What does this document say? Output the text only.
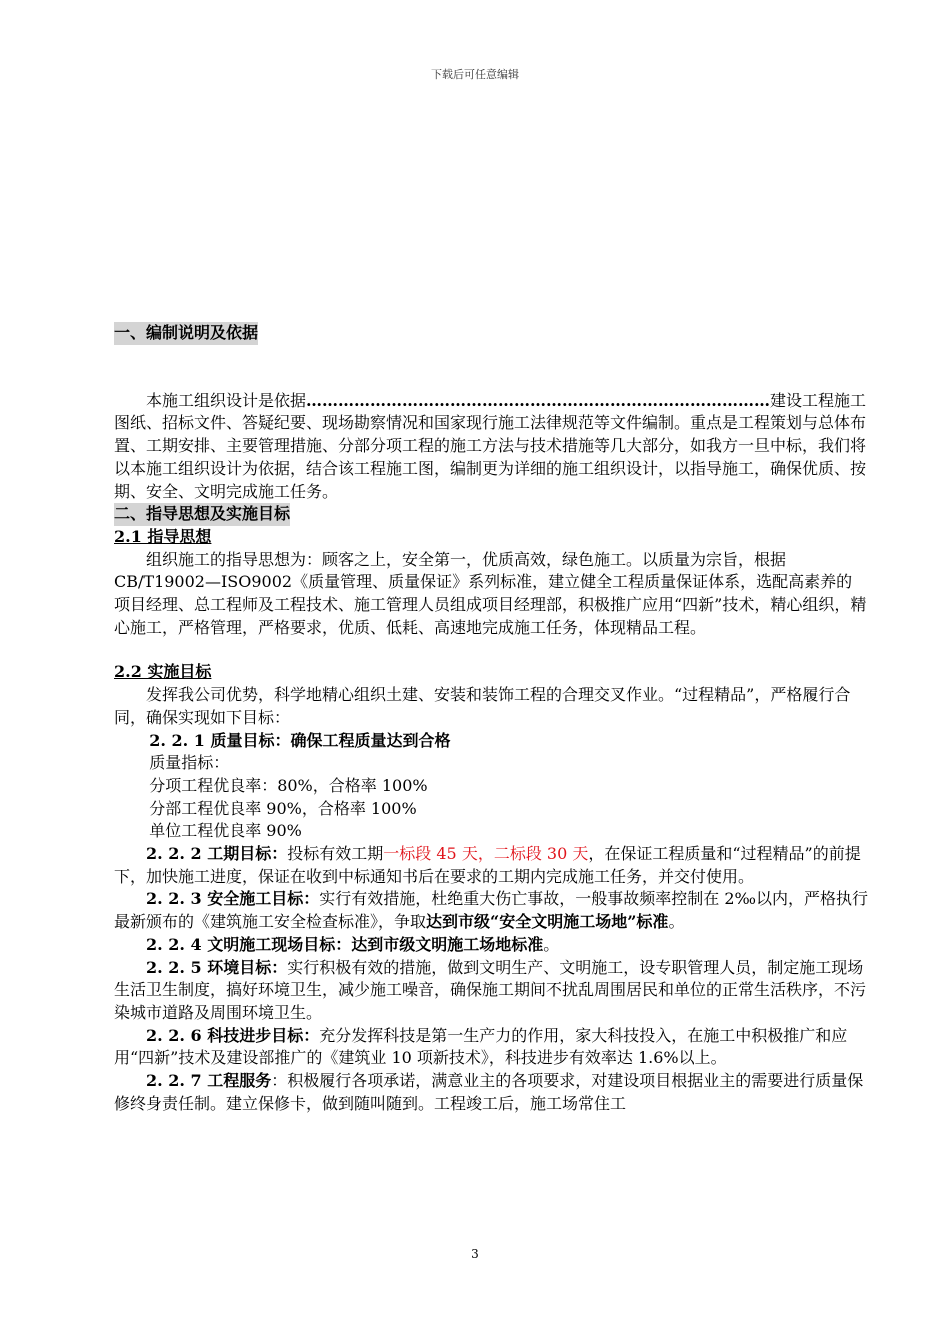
下载后可任意编辑
一、编制说明及依据

本施工组织设计是依据……………………………………………………………………………建设工程施工图纸、招标文件、答疑纪要、现场勘察情况和国家现行施工法律规范等文件编制。重点是工程策划与总体布置、工期安排、主要管理措施、分部分项工程的施工方法与技术措施等几大部分，如我方一旦中标，我们将以本施工组织设计为依据，结合该工程施工图，编制更为详细的施工组织设计，以指导施工，确保优质、按期、安全、文明完成施工任务。

二、指导思想及实施目标

2.1 指导思想

组织施工的指导思想为：顾客之上，安全第一，优质高效，绿色施工。以质量为宗旨，根据 CB/T19002—ISO9002《质量管理、质量保证》系列标准，建立健全工程质量保证体系，选配高素养的项目经理、总工程师及工程技术、施工管理人员组成项目经理部，积极推广应用“四新”技术，精心组织，精心施工，严格管理，严格要求，优质、低耗、高速地完成施工任务，体现精品工程。

2.2 实施目标

发挥我公司优势，科学地精心组织土建、安装和装饰工程的合理交叉作业。“过程精品”，严格履行合同，确保实现如下目标：

2. 2. 1 质量目标：确保工程质量达到合格

质量指标：

分项工程优良率：80%，合格率 100%

分部工程优良率 90%，合格率 100%

单位工程优良率 90%

2. 2. 2 工期目标：投标有效工期一标段 45 天，二标段 30 天，在保证工程质量和“过程精品”的前提下，加快施工进度，保证在收到中标通知书后在要求的工期内完成施工任务，并交付使用。

2. 2. 3 安全施工目标：实行有效措施，杜绝重大伤亡事故，一般事故频率控制在 2‰以内，严格执行最新颁布的《建筑施工安全检查标准》，争取达到市级“安全文明施工场地”标准。

2. 2. 4 文明施工现场目标：达到市级文明施工场地标准。

2. 2. 5 环境目标：实行积极有效的措施，做到文明生产、文明施工，设专职管理人员，制定施工现场生活卫生制度，搞好环境卫生，减少施工噪音，确保施工期间不扰乱周围居民和单位的正常生活秩序，不污染城市道路及周围环境卫生。

2. 2. 6 科技进步目标：充分发挥科技是第一生产力的作用，家大科技投入，在施工中积极推广和应用“四新”技术及建设部推广的《建筑业 10 项新技术》，科技进步有效率达 1.6%以上。

2. 2. 7 工程服务：积极履行各项承诺，满意业主的各项要求，对建设项目根据业主的需要进行质量保修终身责任制。建立保修卡，做到随叫随到。工程竣工后，施工场常住工

3
